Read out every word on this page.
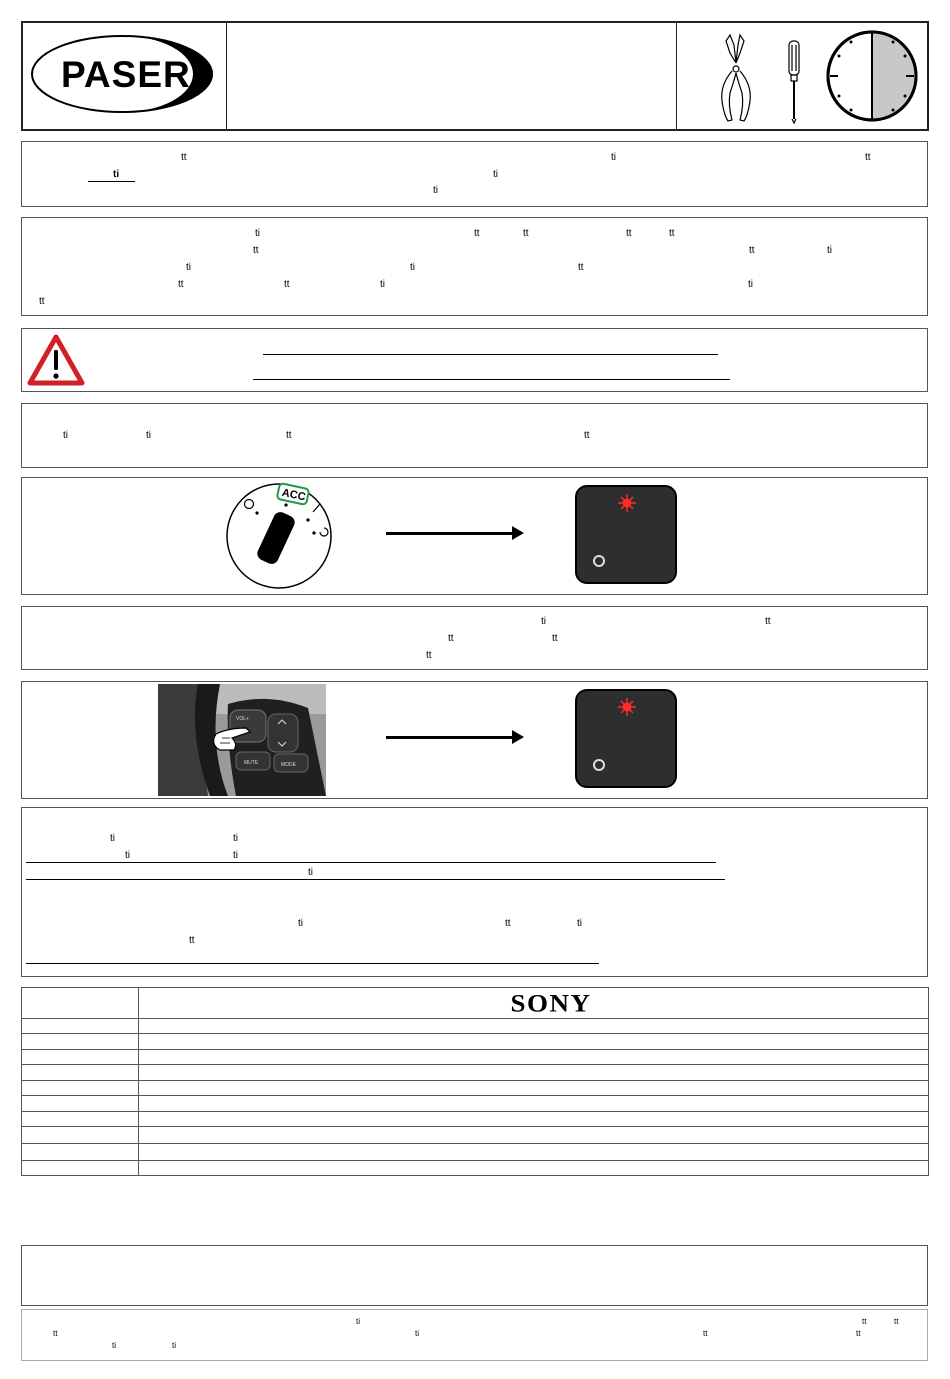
PASER
tt	ti	tt
ti	ti
ti
ti	tt	tt	tt	tt
tt	tt	ti
ti	ti	tt
tt	tt	ti	ti
tt
ti	ti	tt	tt
ACC
ti	tt
tt	tt
tt
VOL+
MUTE	MODE
ti	ti
ti	ti
ti
ti	tt	ti
tt
SONY
ti	tt	tt
tt	ti	tt	tt
ti	ti
